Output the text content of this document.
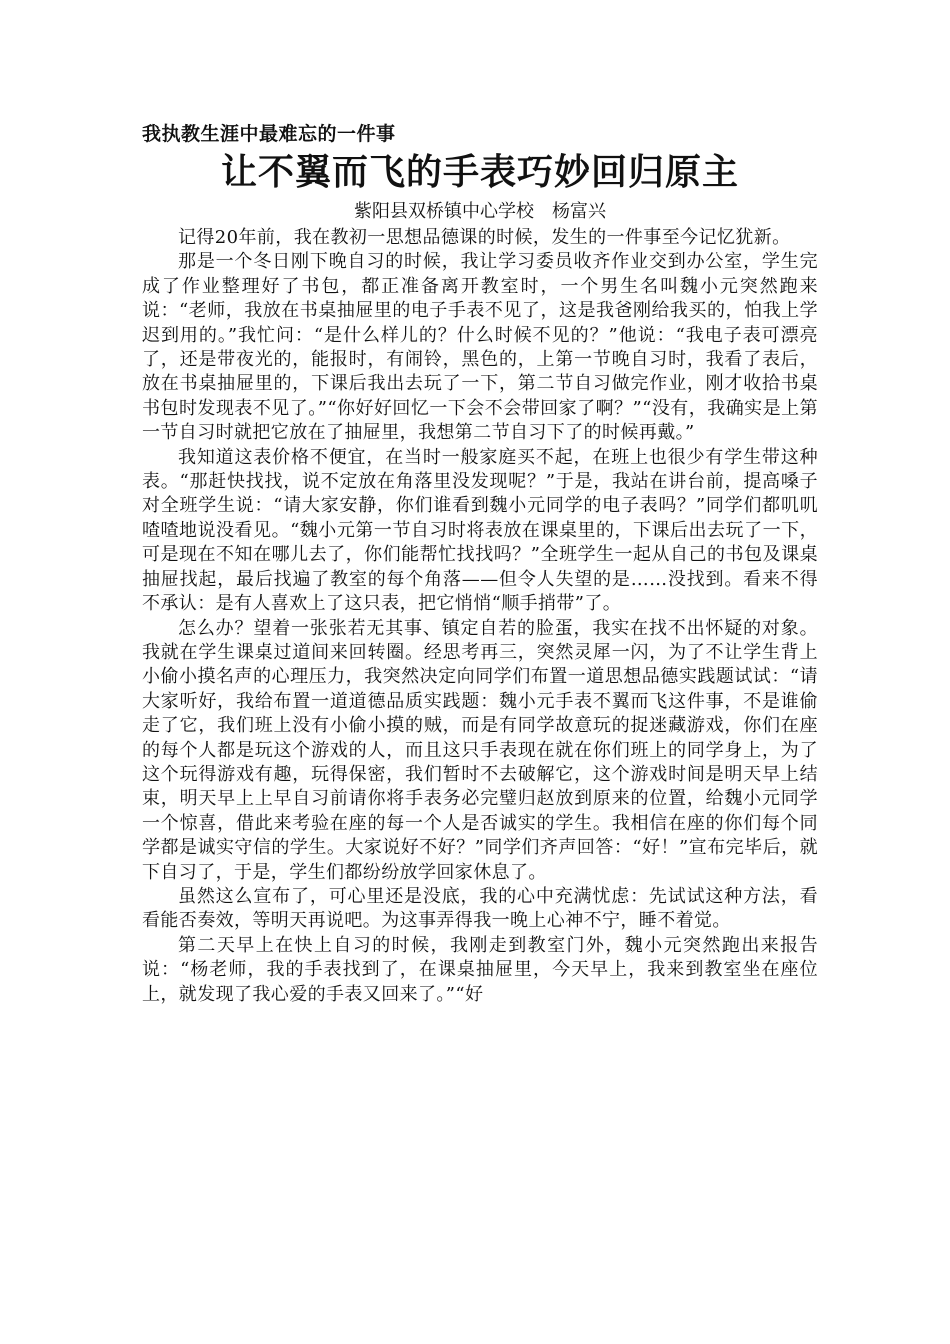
我执教生涯中最难忘的一件事

让不翼而飞的手表巧妙回归原主

紫阳县双桥镇中心学校　杨富兴

记得20年前，我在教初一思想品德课的时候，发生的一件事至今记忆犹新。

那是一个冬日刚下晚自习的时候，我让学习委员收齐作业交到办公室，学生完成了作业整理好了书包，都正准备离开教室时，一个男生名叫魏小元突然跑来说：“老师，我放在书桌抽屉里的电子手表不见了，这是我爸刚给我买的，怕我上学迟到用的。”我忙问：“是什么样儿的？什么时候不见的？”他说：“我电子表可漂亮了，还是带夜光的，能报时，有闹铃，黑色的，上第一节晚自习时，我看了表后，放在书桌抽屉里的，下课后我出去玩了一下，第二节自习做完作业，刚才收拾书桌书包时发现表不见了。”“你好好回忆一下会不会带回家了啊？”“没有，我确实是上第一节自习时就把它放在了抽屉里，我想第二节自习下了的时候再戴。”

我知道这表价格不便宜，在当时一般家庭买不起，在班上也很少有学生带这种表。“那赶快找找，说不定放在角落里没发现呢？”于是，我站在讲台前，提高嗓子对全班学生说：“请大家安静，你们谁看到魏小元同学的电子表吗？”同学们都叽叽喳喳地说没看见。“魏小元第一节自习时将表放在课桌里的，下课后出去玩了一下，可是现在不知在哪儿去了，你们能帮忙找找吗？”全班学生一起从自己的书包及课桌抽屉找起，最后找遍了教室的每个角落——但令人失望的是……没找到。看来不得不承认：是有人喜欢上了这只表，把它悄悄“顺手捎带”了。

怎么办？望着一张张若无其事、镇定自若的脸蛋，我实在找不出怀疑的对象。我就在学生课桌过道间来回转圈。经思考再三，突然灵犀一闪，为了不让学生背上小偷小摸名声的心理压力，我突然决定向同学们布置一道思想品德实践题试试：“请大家听好，我给布置一道道德品质实践题：魏小元手表不翼而飞这件事，不是谁偷走了它，我们班上没有小偷小摸的贼，而是有同学故意玩的捉迷藏游戏，你们在座的每个人都是玩这个游戏的人，而且这只手表现在就在你们班上的同学身上，为了这个玩得游戏有趣，玩得保密，我们暂时不去破解它，这个游戏时间是明天早上结束，明天早上上早自习前请你将手表务必完璧归赵放到原来的位置，给魏小元同学一个惊喜，借此来考验在座的每一个人是否诚实的学生。我相信在座的你们每个同学都是诚实守信的学生。大家说好不好？”同学们齐声回答：“好！”宣布完毕后，就下自习了，于是，学生们都纷纷放学回家休息了。

虽然这么宣布了，可心里还是没底，我的心中充满忧虑：先试试这种方法，看看能否奏效，等明天再说吧。为这事弄得我一晚上心神不宁，睡不着觉。

第二天早上在快上自习的时候，我刚走到教室门外，魏小元突然跑出来报告说：“杨老师，我的手表找到了，在课桌抽屉里，今天早上，我来到教室坐在座位上，就发现了我心爱的手表又回来了。”“好
